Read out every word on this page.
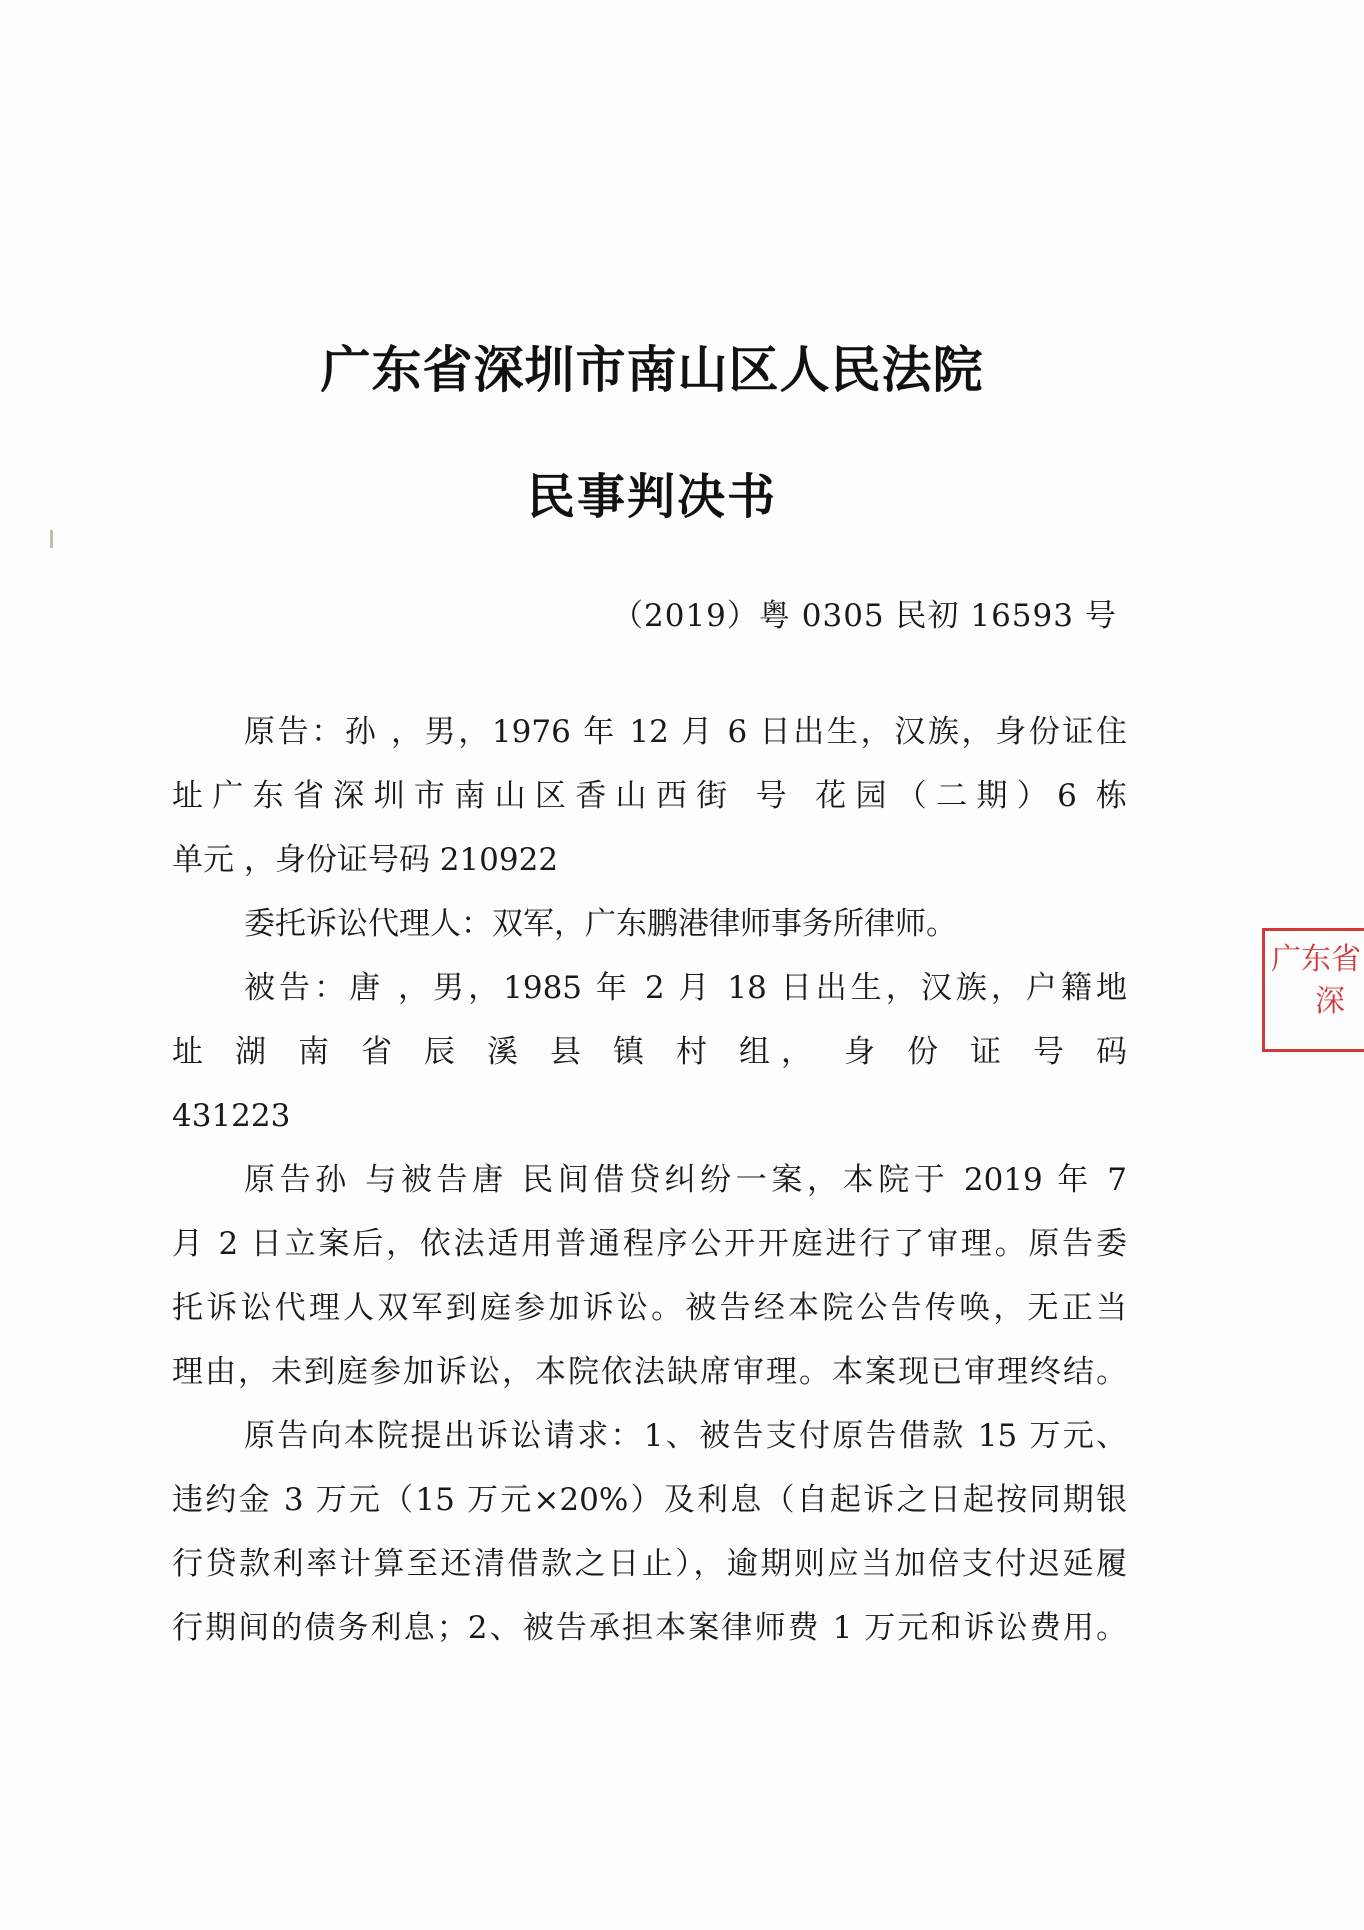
广东省深圳市南山区人民法院
民事判决书
（2019）粤 0305 民初 16593 号
原告：孙 ，男，1976 年 12 月 6 日出生，汉族，身份证住
址广东省深圳市南山区香山西街 号 花园（二期）6 栋
单元 ，身份证号码 210922
委托诉讼代理人：双军，广东鹏港律师事务所律师。
被告：唐 ，男，1985 年 2 月 18 日出生，汉族，户籍地
址 湖 南 省 辰 溪 县 镇 村 组， 身 份 证 号 码
431223
原告孙 与被告唐 民间借贷纠纷一案，本院于 2019 年 7
月 2 日立案后，依法适用普通程序公开开庭进行了审理。原告委
托诉讼代理人双军到庭参加诉讼。被告经本院公告传唤，无正当
理由，未到庭参加诉讼，本院依法缺席审理。本案现已审理终结。
原告向本院提出诉讼请求：1、被告支付原告借款 15 万元、
违约金 3 万元（15 万元×20%）及利息（自起诉之日起按同期银
行贷款利率计算至还清借款之日止），逾期则应当加倍支付迟延履
行期间的债务利息；2、被告承担本案律师费 1 万元和诉讼费用。
广东省
深
